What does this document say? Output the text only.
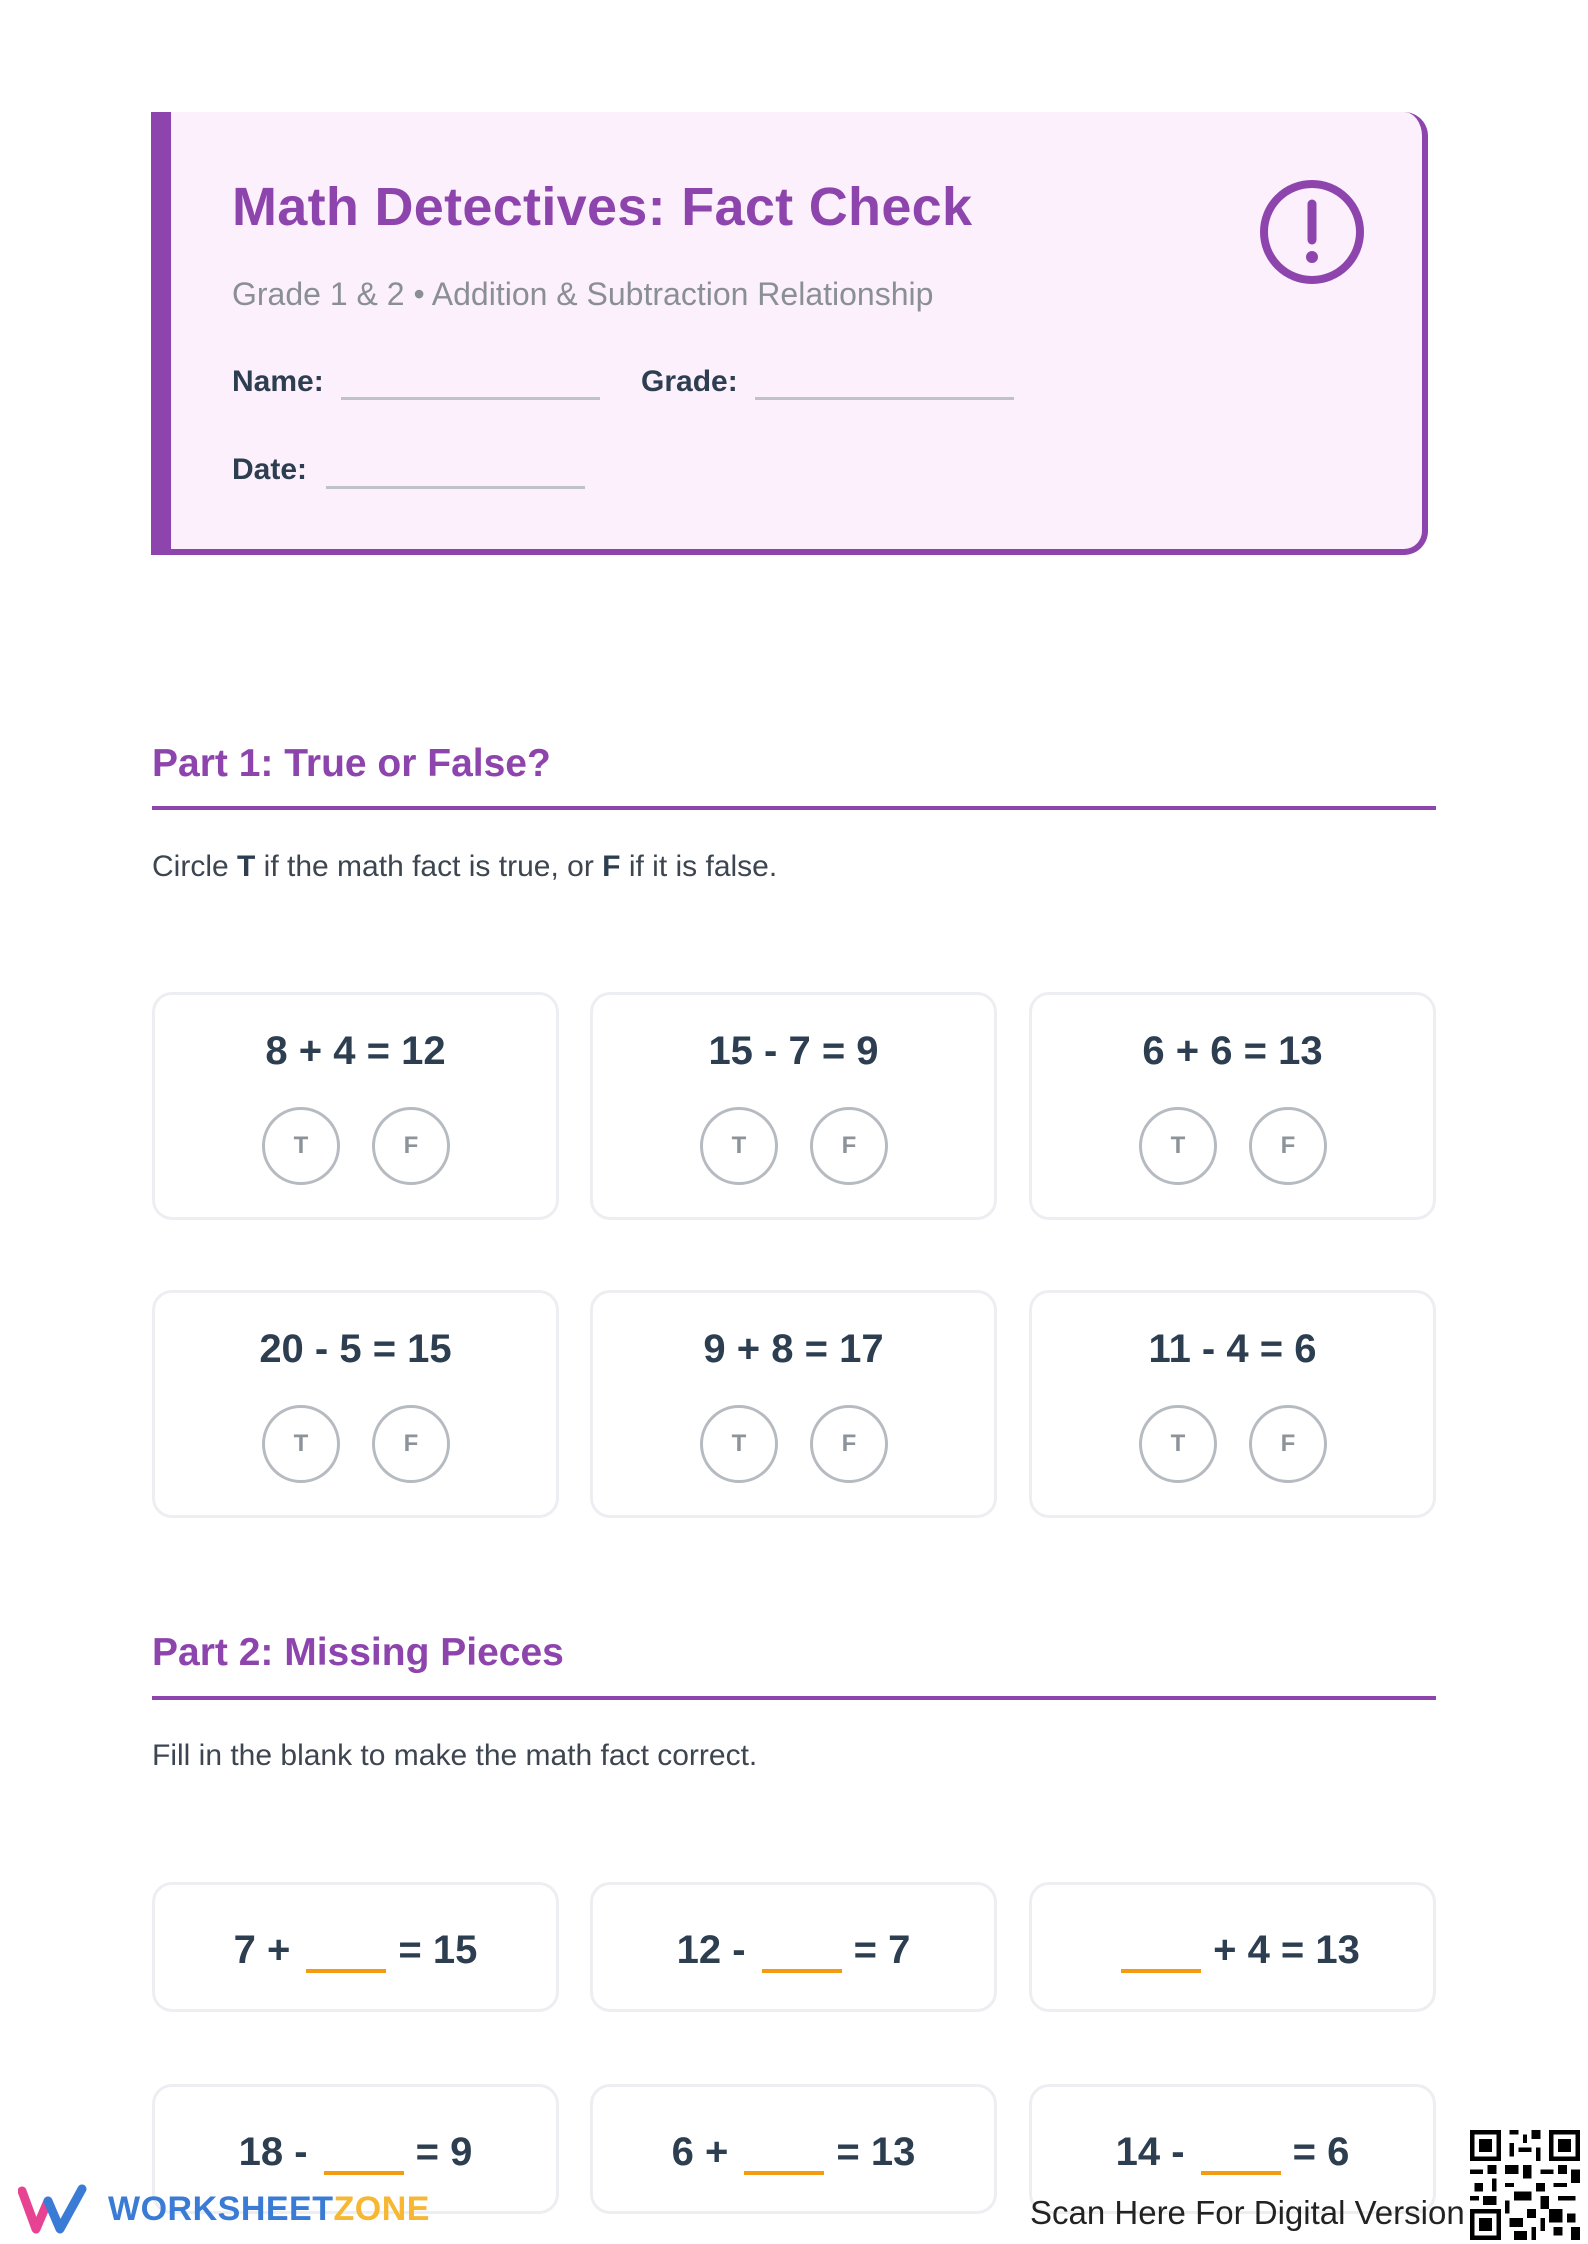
Math Detectives: Fact Check
Grade 1 & 2 • Addition & Subtraction Relationship
Name:	Grade:
Date:
Part 1: True or False?
Circle T if the math fact is true, or F if it is false.
8 + 4 = 12
T	F
15 - 7 = 9
T	F
6 + 6 = 13
T	F
20 - 5 = 15
T	F
9 + 8 = 17
T	F
11 - 4 = 6
T	F
Part 2: Missing Pieces
Fill in the blank to make the math fact correct.
7 +	= 15	12 -	= 7	+ 4 = 13
18 -	= 9	6 +	= 13	14 -	= 6
WORKSHEETZONE	Scan Here For Digital Version
